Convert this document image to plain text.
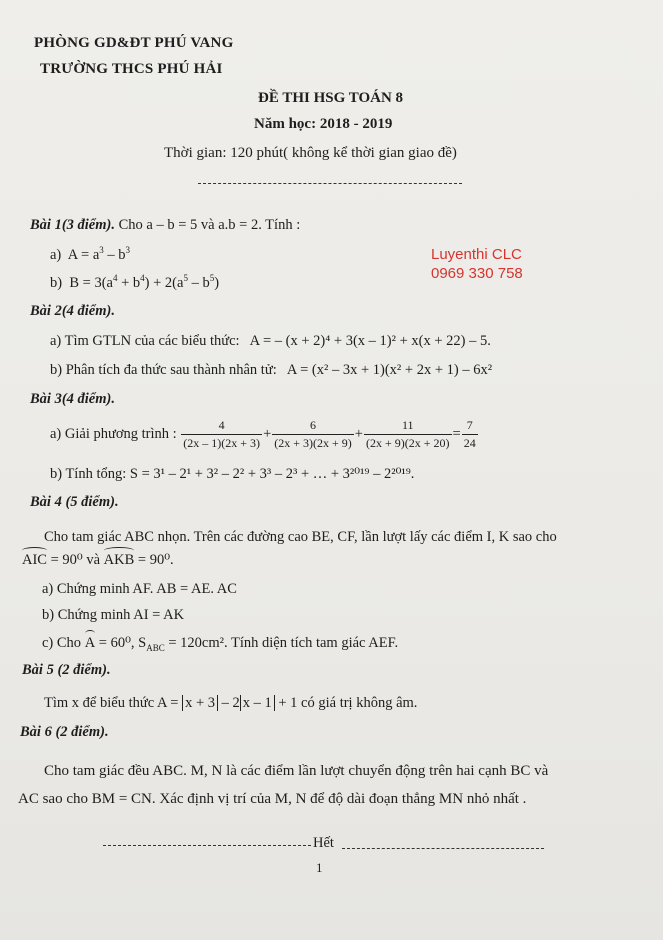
PHÒNG GD&ĐT PHÚ VANG
TRƯỜNG THCS PHÚ HẢI
ĐỀ THI HSG TOÁN 8
Năm học: 2018 - 2019
Thời gian: 120 phút( không kể thời gian giao đề)
Luyenthi CLC
0969 330 758
Bài 1(3 điểm). Cho a – b = 5 và a.b = 2. Tính :
a)  $A = a^3 - b^3$
b)  $B = 3(a^4 + b^4) + 2(a^5 - b^5)$
Bài 2(4 điểm).
a) Tìm GTLN của các biểu thức: A = – (x + 2)⁴ + 3(x – 1)² + x(x + 22) – 5.
b) Phân tích đa thức sau thành nhân tử: A = (x² – 3x + 1)(x² + 2x + 1) – 6x²
Bài 3(4 điểm).
a) Giải phương trình : $\frac{4}{(2x - 1)(2x + 3)} + \frac{6}{(2x + 3)(2x + 9)} + \frac{11}{(2x + 9)(2x + 20)} = \frac{7}{24}$
b) Tính tổng: S = 3¹ – 2¹ + 3² – 2² + 3³ – 2³ + … + 3²⁰¹⁹ – 2²⁰¹⁹.
Bài 4 (5 điểm).
Cho tam giác ABC nhọn. Trên các đường cao BE, CF, lần lượt lấy các điểm I, K sao cho
AIC = 90⁰ và AKB = 90⁰.
a) Chứng minh AF. AB = AE. AC
b) Chứng minh AI = AK
c) Cho A = 60⁰, $S_{ABC} = 120cm^2$. Tính diện tích tam giác AEF.
Bài 5 (2 điểm).
Tìm x để biểu thức A = x + 3 – 2 x – 1 + 1 có giá trị không âm.
Bài 6 (2 điểm).
Cho tam giác đều ABC. M, N là các điểm lần lượt chuyển động trên hai cạnh BC và
AC sao cho BM = CN. Xác định vị trí của M, N để độ dài đoạn thẳng MN nhỏ nhất .
Hết
1
